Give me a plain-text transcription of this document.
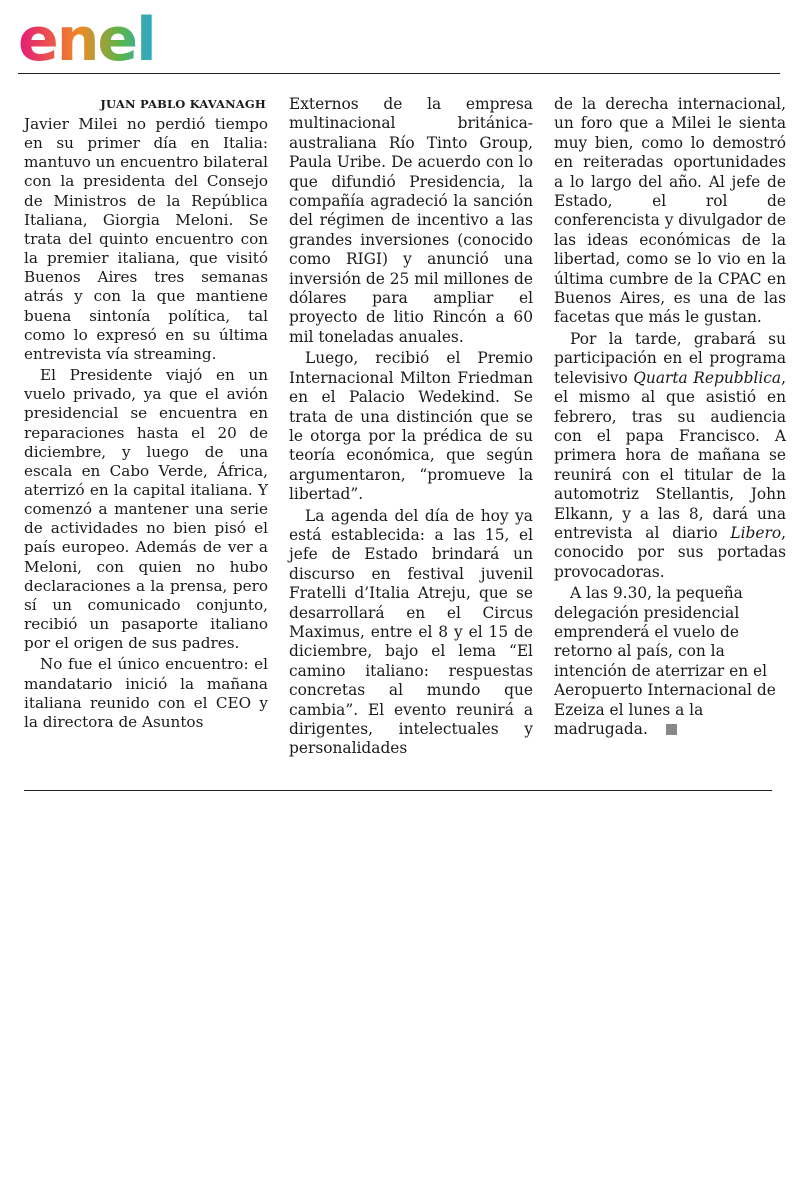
enel
JUAN PABLO KAVANAGH

Javier Milei no perdió tiempo en su primer día en Italia: mantuvo un encuentro bilateral con la presidenta del Consejo de Ministros de la República Italiana, Giorgia Meloni. Se trata del quinto encuentro con la premier italiana, que visitó Buenos Aires tres semanas atrás y con la que mantiene buena sintonía política, tal como lo expresó en su última entrevista vía streaming.

El Presidente viajó en un vuelo privado, ya que el avión presidencial se encuentra en reparaciones hasta el 20 de diciembre, y luego de una escala en Cabo Verde, África, aterrizó en la capital italiana. Y comenzó a mantener una serie de actividades no bien pisó el país europeo. Además de ver a Meloni, con quien no hubo declaraciones a la prensa, pero sí un comunicado conjunto, recibió un pasaporte italiano por el origen de sus padres.

No fue el único encuentro: el mandatario inició la mañana italiana reunido con el CEO y la directora de Asuntos

Externos de la empresa multinacional británica-australiana Río Tinto Group, Paula Uribe. De acuerdo con lo que difundió Presidencia, la compañía agradeció la sanción del régimen de incentivo a las grandes inversiones (conocido como RIGI) y anunció una inversión de 25 mil millones de dólares para ampliar el proyecto de litio Rincón a 60 mil toneladas anuales.

Luego, recibió el Premio Internacional Milton Friedman en el Palacio Wedekind. Se trata de una distinción que se le otorga por la prédica de su teoría económica, que según argumentaron, “promueve la libertad”.

La agenda del día de hoy ya está establecida: a las 15, el jefe de Estado brindará un discurso en festival juvenil Fratelli d’Italia Atreju, que se desarrollará en el Circus Maximus, entre el 8 y el 15 de diciembre, bajo el lema “El camino italiano: respuestas concretas al mundo que cambia”. El evento reunirá a dirigentes, intelectuales y personalidades

de la derecha internacional, un foro que a Milei le sienta muy bien, como lo demostró en reiteradas oportunidades a lo largo del año. Al jefe de Estado, el rol de conferencista y divulgador de las ideas económicas de la libertad, como se lo vio en la última cumbre de la CPAC en Buenos Aires, es una de las facetas que más le gustan.

Por la tarde, grabará su participación en el programa televisivo Quarta Repubblica, el mismo al que asistió en febrero, tras su audiencia con el papa Francisco. A primera hora de mañana se reunirá con el titular de la automotriz Stellantis, John Elkann, y a las 8, dará una entrevista al diario Libero, conocido por sus portadas provocadoras.

A las 9.30, la pequeña delegación presidencial emprenderá el vuelo de retorno al país, con la intención de aterrizar en el Aeropuerto Internacional de Ezeiza el lunes a la madrugada.
